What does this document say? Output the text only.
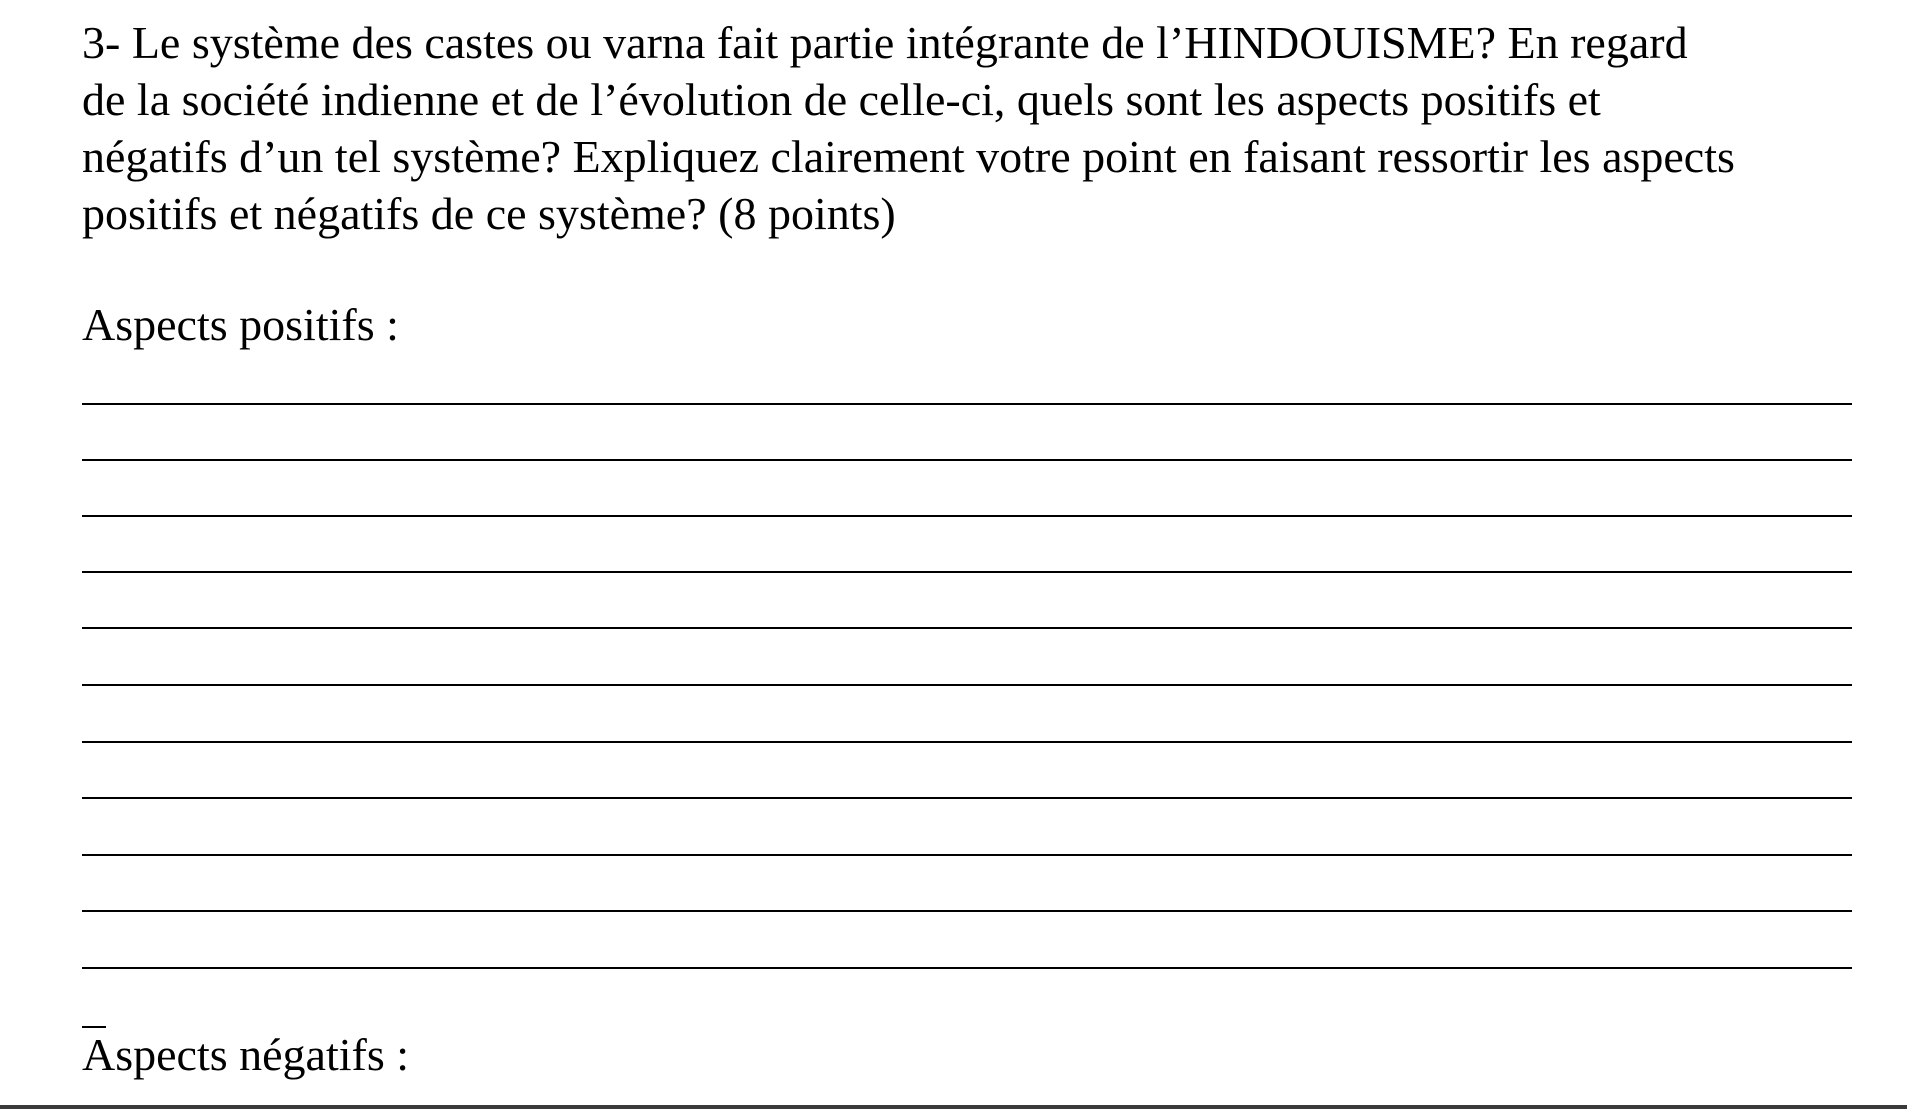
3- Le système des castes ou varna fait partie intégrante de l’HINDOUISME? En regard
de la société indienne et de l’évolution de celle-ci, quels sont les aspects positifs et
négatifs d’un tel système? Expliquez clairement votre point en faisant ressortir les aspects
positifs et négatifs de ce système? (8 points)

Aspects positifs :

Aspects négatifs :
